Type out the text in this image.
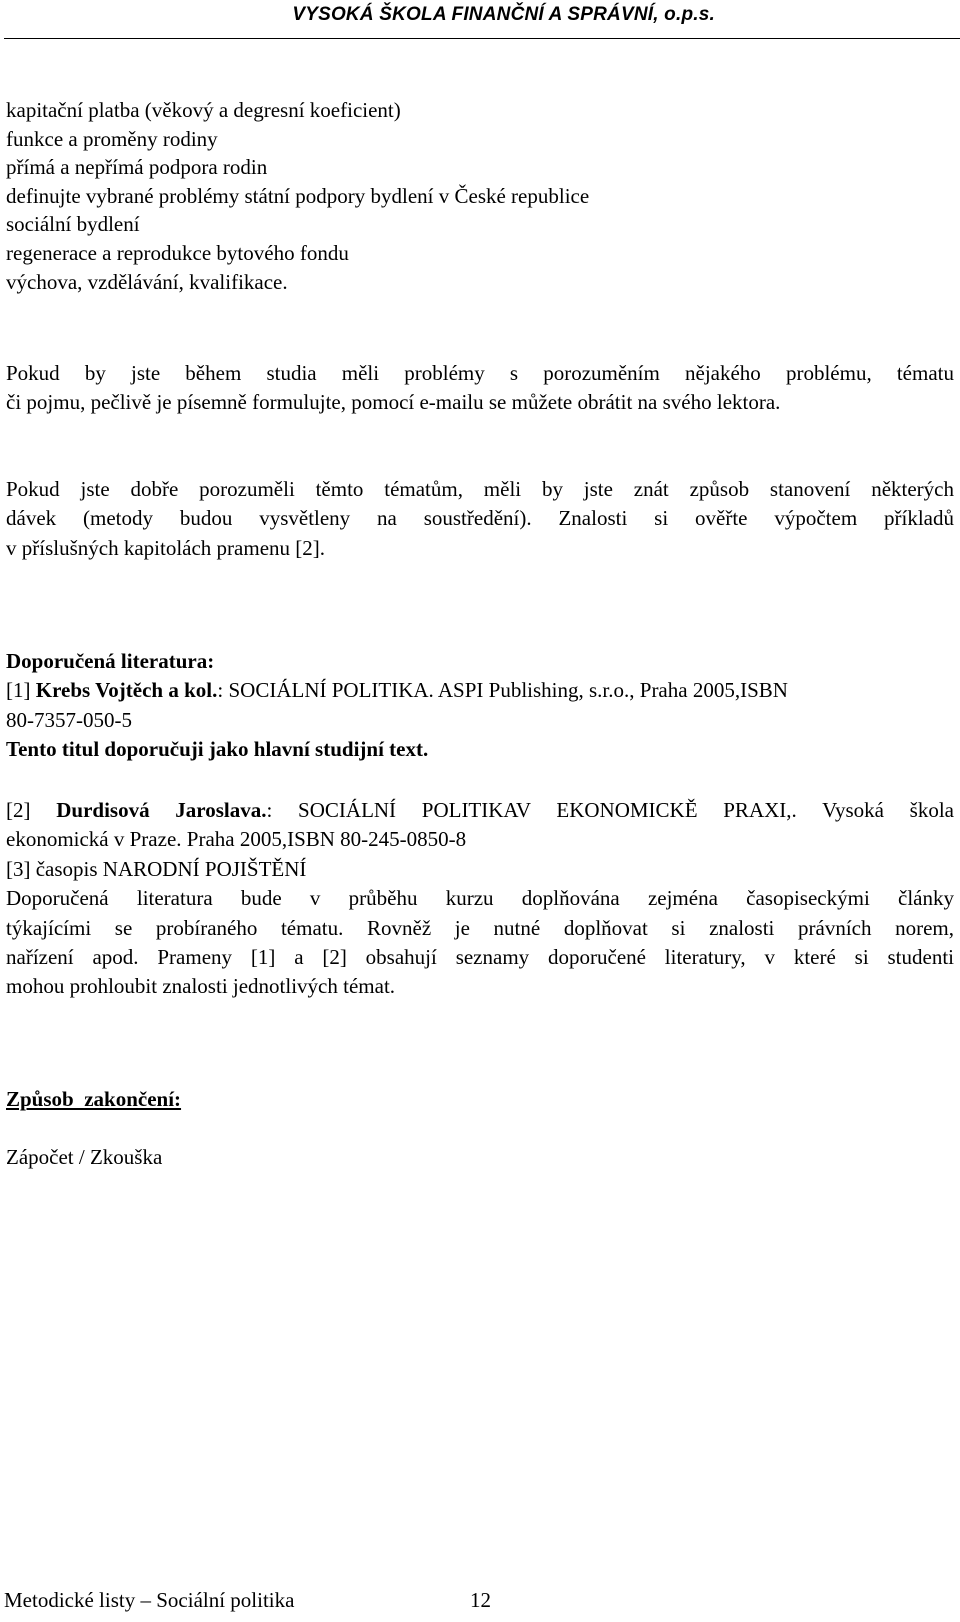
VYSOKÁ ŠKOLA FINANČNÍ A SPRÁVNÍ, o.p.s.
kapitační platba (věkový a degresní koeficient)
funkce a proměny rodiny
přímá a nepřímá podpora rodin
definujte vybrané problémy státní podpory bydlení v České republice
sociální bydlení
regenerace a reprodukce bytového fondu
výchova, vzdělávání, kvalifikace.
Pokud by jste během studia měli problémy s porozuměním nějakého problému, tématu
či pojmu, pečlivě je písemně formulujte, pomocí e-mailu se můžete obrátit na svého lektora.
Pokud jste dobře porozuměli těmto tématům, měli by jste znát způsob stanovení některých
dávek (metody budou vysvětleny na soustředění). Znalosti si ověřte výpočtem příkladů
v příslušných kapitolách pramenu [2].
Doporučená literatura:
[1] Krebs Vojtěch a kol.: SOCIÁLNÍ POLITIKA. ASPI Publishing, s.r.o., Praha 2005,ISBN
80-7357-050-5
Tento titul doporučuji jako hlavní studijní text.
[2] Durdisová Jaroslava.: SOCIÁLNÍ POLITIKAV EKONOMICKĚ PRAXI,. Vysoká škola
ekonomická v Praze. Praha 2005,ISBN 80-245-0850-8
[3] časopis NARODNÍ POJIŠTĚNÍ
Doporučená literatura bude v průběhu kurzu doplňována zejména časopiseckými články
týkajícími se probíraného tématu. Rovněž je nutné doplňovat si znalosti právních norem,
nařízení apod. Prameny [1] a [2] obsahují seznamy doporučené literatury, v které si studenti
mohou prohloubit znalosti jednotlivých témat.
Způsob  zakončení:
Zápočet / Zkouška
Metodické listy – Sociální politika	12
